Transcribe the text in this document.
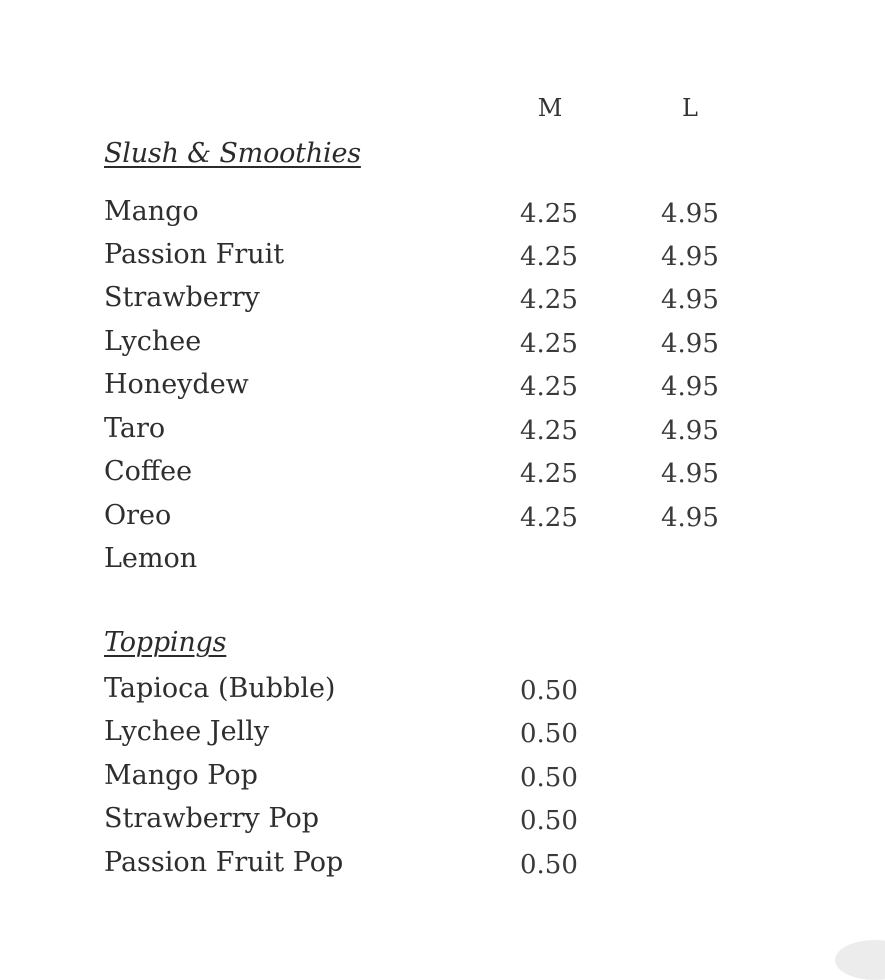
M	L
Slush & Smoothies
Mango	4.25	4.95
Passion Fruit	4.25	4.95
Strawberry	4.25	4.95
Lychee	4.25	4.95
Honeydew	4.25	4.95
Taro	4.25	4.95
Coffee	4.25	4.95
Oreo	4.25	4.95
Lemon
Toppings
Tapioca (Bubble)	0.50
Lychee Jelly	0.50
Mango Pop	0.50
Strawberry Pop	0.50
Passion Fruit Pop	0.50
